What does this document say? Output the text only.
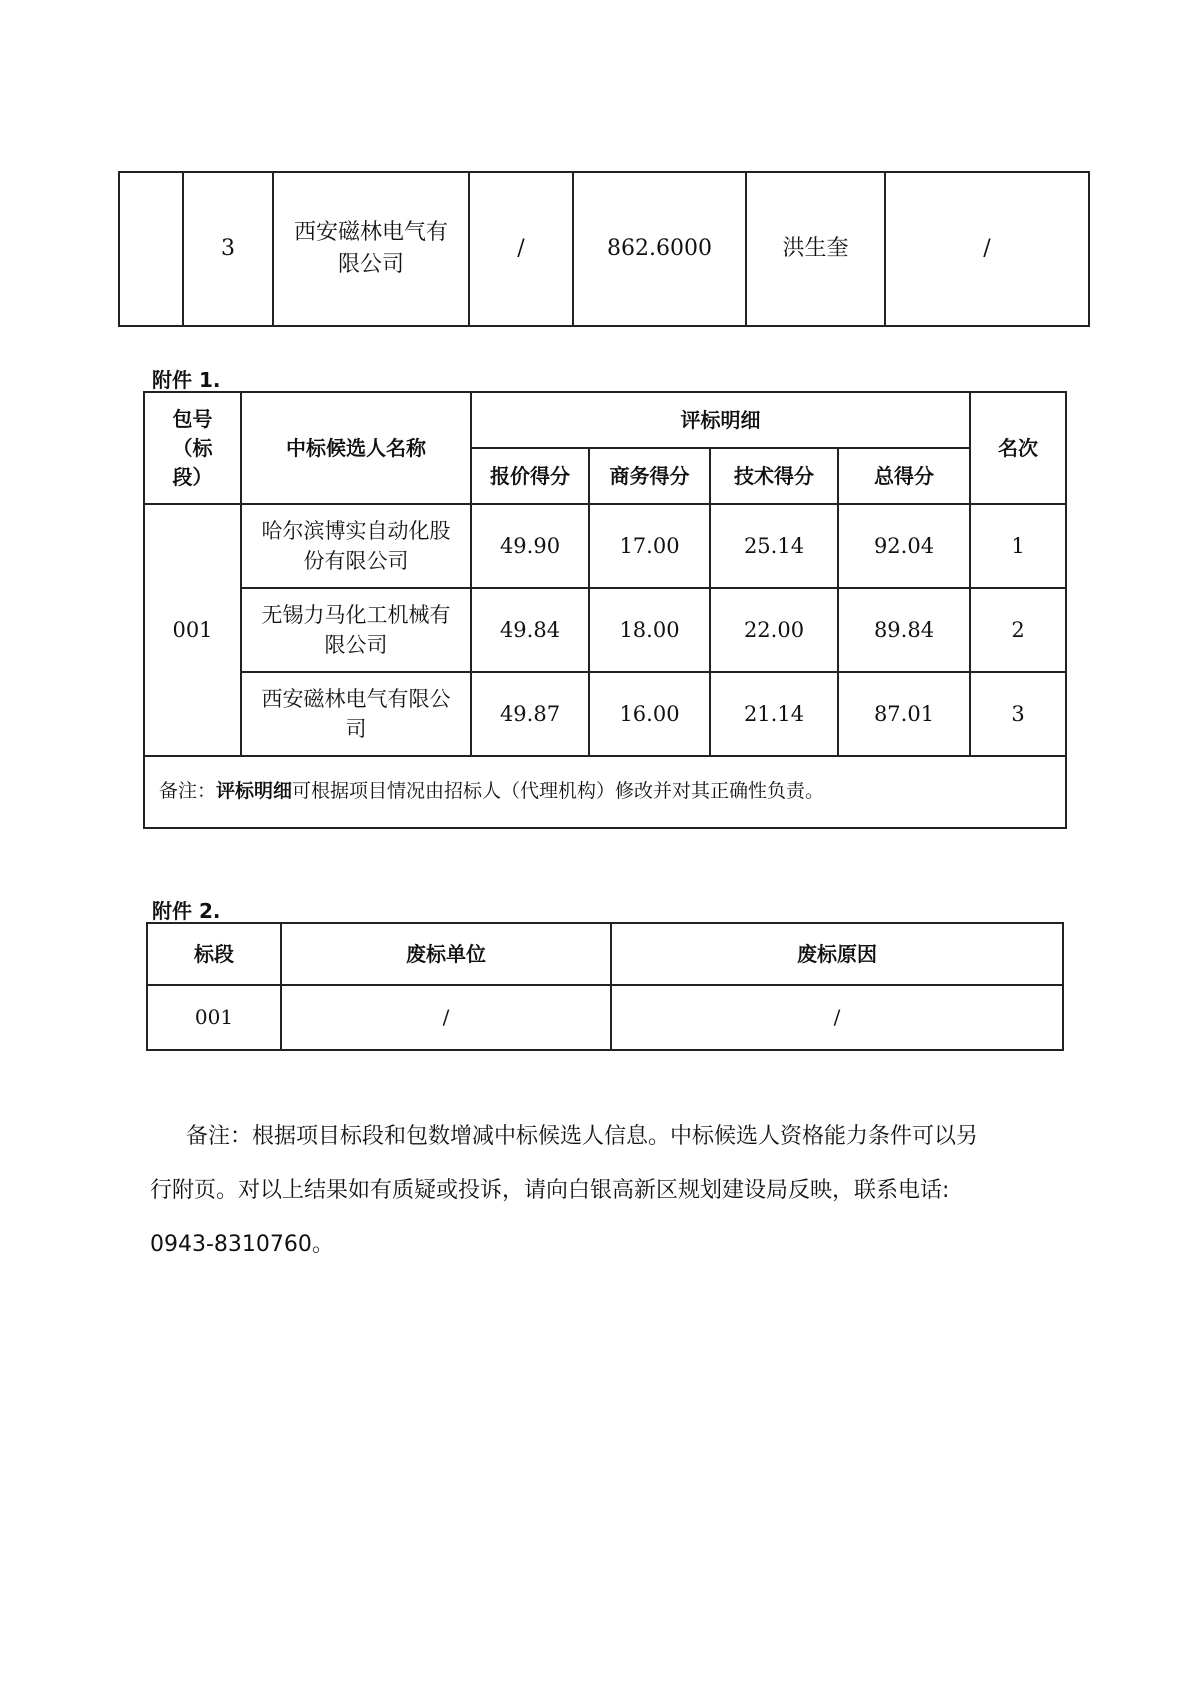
	3	西安磁林电气有限公司	/	862.6000	洪生奎	/
附件 1.
包号（标段）	中标候选人名称	评标明细				名次
		报价得分	商务得分	技术得分	总得分	
001	哈尔滨博实自动化股份有限公司	49.90	17.00	25.14	92.04	1
	无锡力马化工机械有限公司	49.84	18.00	22.00	89.84	2
	西安磁林电气有限公司	49.87	16.00	21.14	87.01	3
备注：评标明细可根据项目情况由招标人（代理机构）修改并对其正确性负责。						
附件 2.
标段	废标单位	废标原因
001	/	/
备注：根据项目标段和包数增减中标候选人信息。中标候选人资格能力条件可以另
行附页。对以上结果如有质疑或投诉，请向白银高新区规划建设局反映，联系电话:
0943-8310760。
